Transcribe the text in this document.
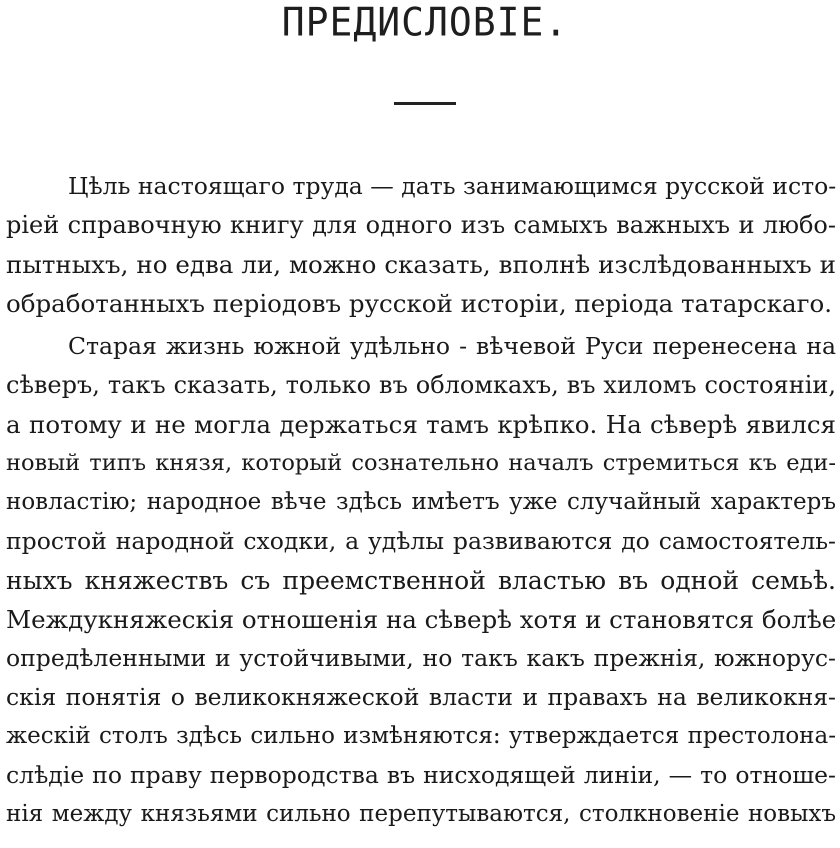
ПРЕДИСЛОВІЕ.
Цѣль настоящаго труда — дать занимающимся русской исто-
ріей справочную книгу для одного изъ самыхъ важныхъ и любо-
пытныхъ, но едва ли, можно сказать, вполнѣ изслѣдованныхъ и
обработанныхъ періодовъ русской исторіи, періода татарскаго.
Старая жизнь южной удѣльно - вѣчевой Руси перенесена на
сѣверъ, такъ сказать, только въ обломкахъ, въ хиломъ состояніи,
а потому и не могла держаться тамъ крѣпко. На сѣверѣ явился
новый типъ князя, который сознательно началъ стремиться къ еди-
новластію; народное вѣче здѣсь имѣетъ уже случайный характеръ
простой народной сходки, а удѣлы развиваются до самостоятель-
ныхъ княжествъ съ преемственной властью въ одной семьѣ.
Междукняжескія отношенія на сѣверѣ хотя и становятся болѣе
опредѣленными и устойчивыми, но такъ какъ прежнія, южнорус-
скія понятія о великокняжеской власти и правахъ на великокня-
жескій столъ здѣсь сильно измѣняются: утверждается престолона-
слѣдіе по праву первородства въ нисходящей линіи, — то отноше-
нія между князьями сильно перепутываются, столкновеніе новыхъ
